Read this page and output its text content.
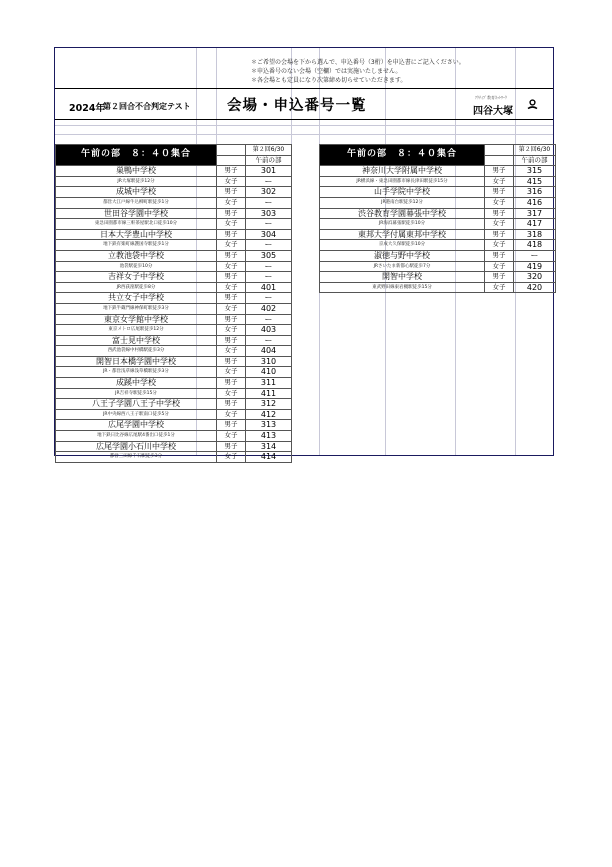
＊ご希望の会場を下から選んで、申込番号（3桁）を申込書にご記入ください。
＊申込番号のない会場（空欄）では実施いたしません。
＊各会場とも定員になり次第締め切らせていただきます。
2024年
第２回合不合判定テスト	会場・申込番号一覧
ｱｸﾃｨﾌﾞ教育ﾈｯﾄﾜｰｸ
四谷大塚
午前の部　８：４０集合		第２回6/30
		午前の部
巣鴨中学校	男子	301
JR大塚駅徒歩12分	女子	ー
成城中学校	男子	302
都営大江戸線牛込柳町駅徒歩1分	女子	ー
世田谷学園中学校	男子	303
東急田園都市線三軒茶屋駅北口徒歩10分	女子	ー
日本大学豊山中学校	男子	304
地下鉄有楽町線護国寺駅徒歩1分	女子	ー
立教池袋中学校	男子	305
池袋駅徒歩10分	女子	ー
吉祥女子中学校	男子	ー
JR西荻窪駅徒歩8分	女子	401
共立女子中学校	男子	ー
地下鉄半蔵門線神保町駅徒歩3分	女子	402
東京女学館中学校	男子	ー
東京メトロ広尾駅徒歩12分	女子	403
富士見中学校	男子	ー
西武池袋線中村橋駅徒歩3分	女子	404
開智日本橋学園中学校	男子	310
JR・都営浅草線浅草橋駅徒歩3分	女子	410
成蹊中学校	男子	311
JR吉祥寺駅徒歩15分	女子	411
八王子学園八王子中学校	男子	312
JR中央線西八王子駅南口徒歩5分	女子	412
広尾学園中学校	男子	313
地下鉄日比谷線広尾駅4番出口徒歩1分	女子	413
広尾学園小石川中学校	男子	314
都営三田線千石駅徒歩3分	女子	414
午前の部　８：４０集合		第２回6/30
		午前の部
神奈川大学附属中学校	男子	315
JR横浜線・東急田園都市線長津田駅徒歩15分	女子	415
山手学院中学校	男子	316
JR港南台駅徒歩12分	女子	416
渋谷教育学園幕張中学校	男子	317
JR海浜幕張駅徒歩10分	女子	417
東邦大学付属東邦中学校	男子	318
京成大久保駅徒歩10分	女子	418
淑徳与野中学校	男子	ー
JRさいたま新都心駅徒歩7分	女子	419
開智中学校	男子	320
東武野田線東岩槻駅徒歩15分	女子	420
